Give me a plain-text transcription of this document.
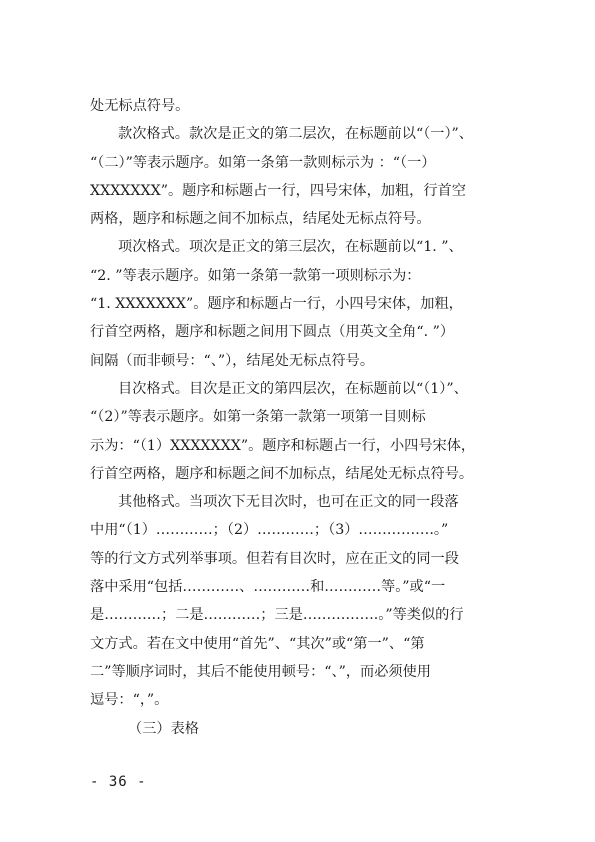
处无标点符号。
款次格式。款次是正文的第二层次，在标题前以“（一）”、
“（二）”等表示题序。如第一条第一款则标示为 ：“（一）
XXXXXXX”。题序和标题占一行，四号宋体，加粗，行首空
两格，题序和标题之间不加标点，结尾处无标点符号。
项次格式。项次是正文的第三层次，在标题前以“1. ”、
“2. ”等表示题序。如第一条第一款第一项则标示为：
“1. XXXXXXX”。题序和标题占一行，小四号宋体，加粗，
行首空两格，题序和标题之间用下圆点（用英文全角“. ”）
间隔（而非顿号：“、”），结尾处无标点符号。
目次格式。目次是正文的第四层次，在标题前以“（1）”、
“（2）”等表示题序。如第一条第一款第一项第一目则标
示为：“（1）XXXXXXX”。题序和标题占一行，小四号宋体，
行首空两格，题序和标题之间不加标点，结尾处无标点符号。
其他格式。当项次下无目次时，也可在正文的同一段落
中用“（1）…………；（2）…………；（3）…………….。”
等的行文方式列举事项。但若有目次时，应在正文的同一段
落中采用“包括…………、…………和…………等。”或“一
是…………；二是…………；三是…………….。”等类似的行
文方式。若在文中使用“首先”、“其次”或“第一”、“第
二”等顺序词时，其后不能使用顿号：“、”，而必须使用
逗号：“，”。
（三）表格
- 36 -
